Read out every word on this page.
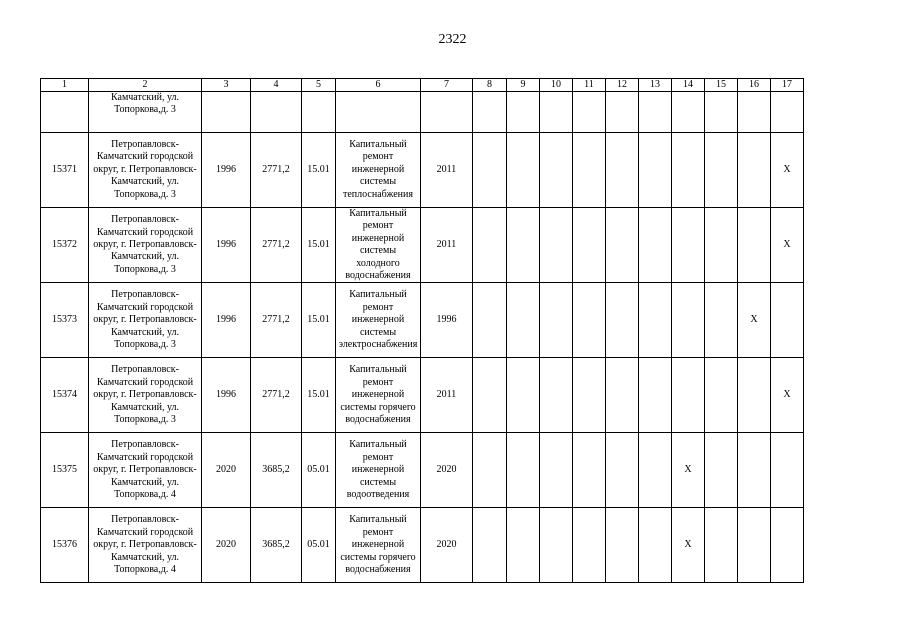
2322
1	2	3	4	5	6	7	8	9	10	11	12	13	14	15	16	17
	Камчатский, ул. Топоркова,д. 3															
15371	Петропавловск-Камчатский городской округ, г. Петропавловск-Камчатский, ул. Топоркова,д. 3	1996	2771,2	15.01	Капитальный ремонт инженерной системы теплоснабжения	2011										X
15372	Петропавловск-Камчатский городской округ, г. Петропавловск-Камчатский, ул. Топоркова,д. 3	1996	2771,2	15.01	Капитальный ремонт инженерной системы холодного водоснабжения	2011										X
15373	Петропавловск-Камчатский городской округ, г. Петропавловск-Камчатский, ул. Топоркова,д. 3	1996	2771,2	15.01	Капитальный ремонт инженерной системы электроснабжения	1996									X	
15374	Петропавловск-Камчатский городской округ, г. Петропавловск-Камчатский, ул. Топоркова,д. 3	1996	2771,2	15.01	Капитальный ремонт инженерной системы горячего водоснабжения	2011										X
15375	Петропавловск-Камчатский городской округ, г. Петропавловск-Камчатский, ул. Топоркова,д. 4	2020	3685,2	05.01	Капитальный ремонт инженерной системы водоотведения	2020							X			
15376	Петропавловск-Камчатский городской округ, г. Петропавловск-Камчатский, ул. Топоркова,д. 4	2020	3685,2	05.01	Капитальный ремонт инженерной системы горячего водоснабжения	2020							X			
